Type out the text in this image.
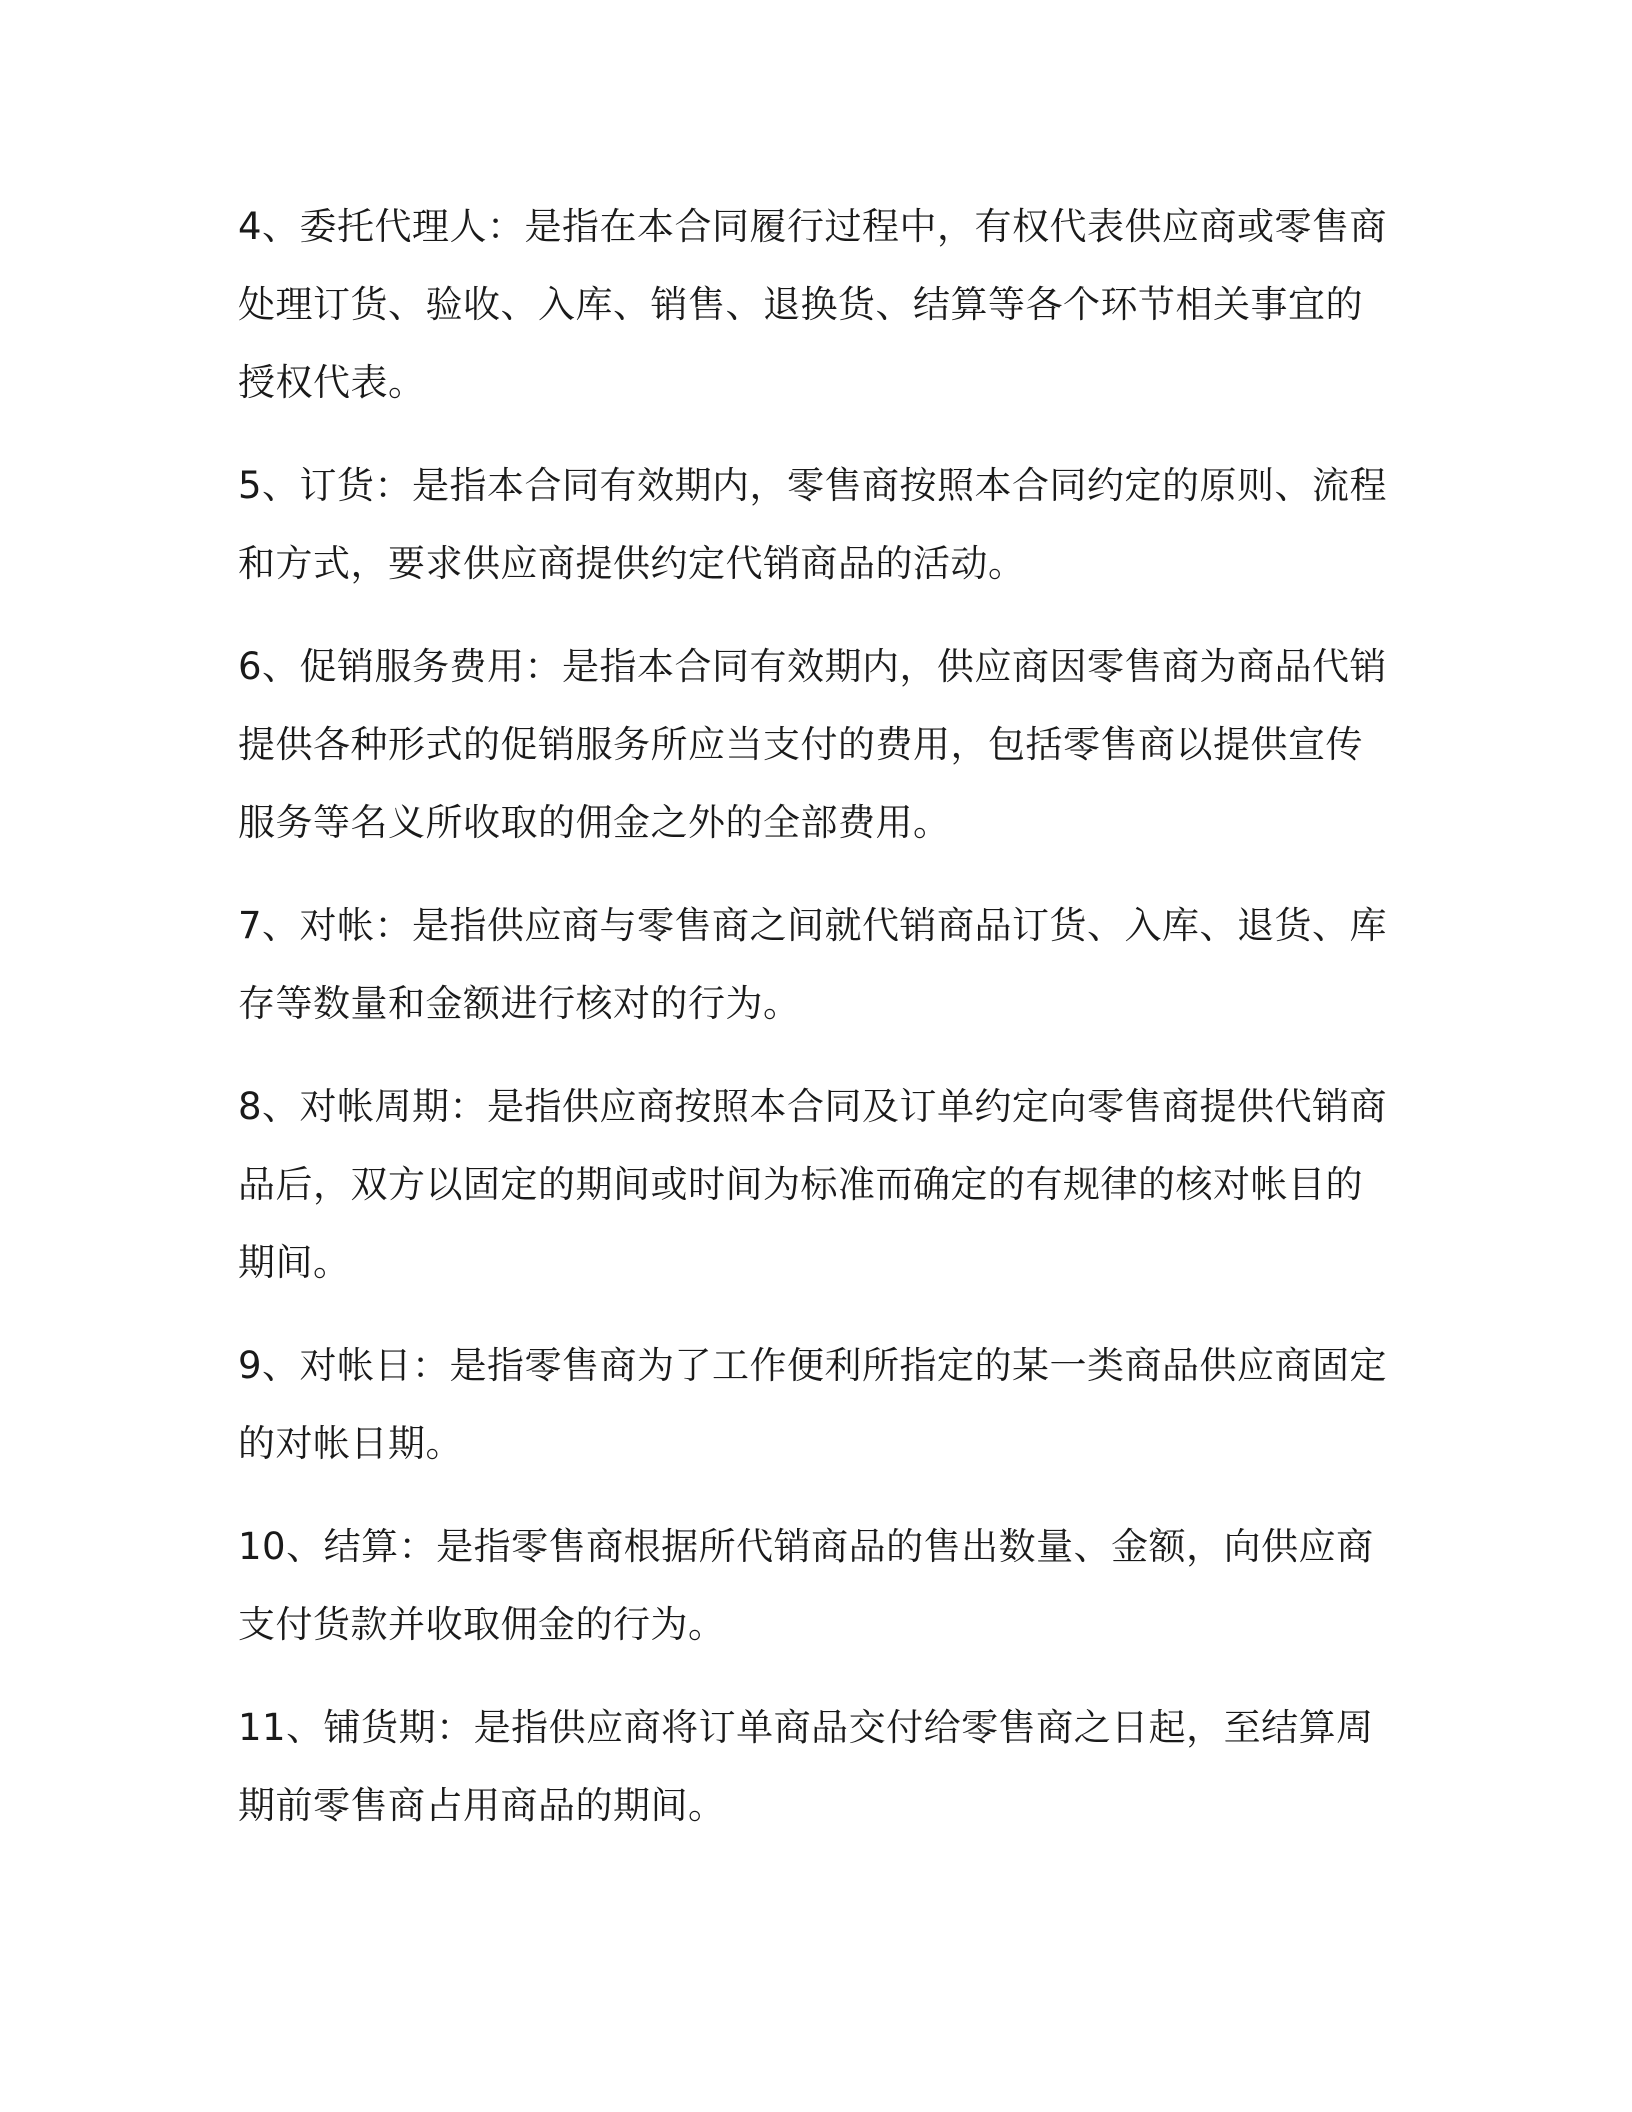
4、委托代理人：是指在本合同履行过程中，有权代表供应商或零售商
处理订货、验收、入库、销售、退换货、结算等各个环节相关事宜的
授权代表。

5、订货：是指本合同有效期内，零售商按照本合同约定的原则、流程
和方式，要求供应商提供约定代销商品的活动。

6、促销服务费用：是指本合同有效期内，供应商因零售商为商品代销
提供各种形式的促销服务所应当支付的费用，包括零售商以提供宣传
服务等名义所收取的佣金之外的全部费用。

7、对帐：是指供应商与零售商之间就代销商品订货、入库、退货、库
存等数量和金额进行核对的行为。

8、对帐周期：是指供应商按照本合同及订单约定向零售商提供代销商
品后，双方以固定的期间或时间为标准而确定的有规律的核对帐目的
期间。

9、对帐日：是指零售商为了工作便利所指定的某一类商品供应商固定
的对帐日期。

10、结算：是指零售商根据所代销商品的售出数量、金额，向供应商
支付货款并收取佣金的行为。

11、铺货期：是指供应商将订单商品交付给零售商之日起，至结算周
期前零售商占用商品的期间。
